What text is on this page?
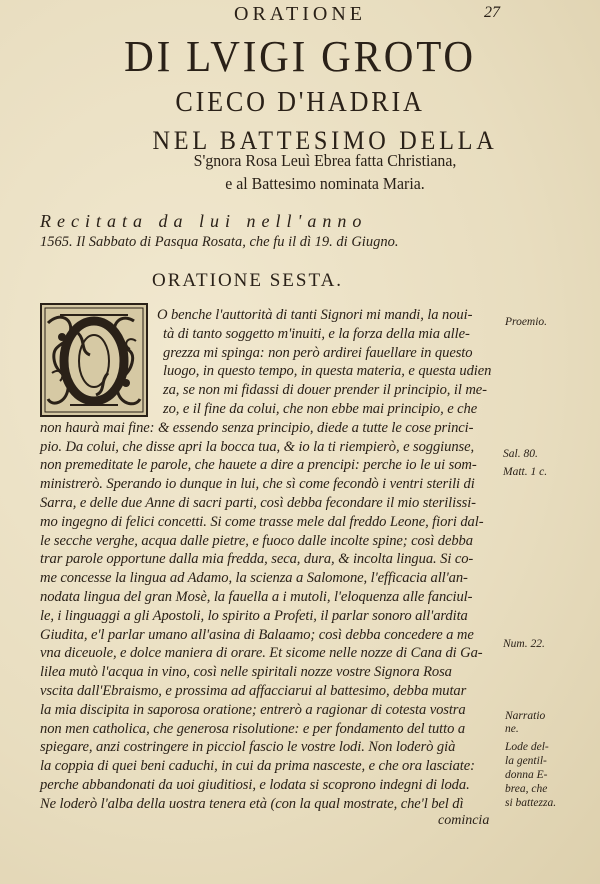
ORATIONE	27
DI LVIGI GROTO
CIECO D'HADRIA
NEL BATTESIMO DELLA
S'gnora Rosa Leuì Ebrea fatta Christiana,
e al Battesimo nominata Maria.
Recitata da lui nell'anno
1565. Il Sabbato di Pasqua Rosata, che fu il dì 19. di Giugno.
ORATIONE SESTA.
O benche l'auttorità di tanti Signori mi mandi, la noui-
tà di tanto soggetto m'inuiti, e la forza della mia alle-
grezza mi spinga: non però ardirei fauellare in questo
luogo, in questo tempo, in questa materia, e questa udien
za, se non mi fidassi di douer prender il principio, il me-
zo, e il fine da colui, che non ebbe mai principio, e che
non haurà mai fine: & essendo senza principio, diede a tutte le cose princi-
pio. Da colui, che disse apri la bocca tua, & io la ti riempierò, e soggiunse,
non premeditate le parole, che hauete a dire a prencipi: perche io le ui som-
ministrerò. Sperando io dunque in lui, che sì come fecondò i ventri sterili di
Sarra, e delle due Anne di sacri parti, così debba fecondare il mio sterilissi-
mo ingegno di felici concetti. Si come trasse mele dal freddo Leone, fiori dal-
le secche verghe, acqua dalle pietre, e fuoco dalle incolte spine; così debba
trar parole opportune dalla mia fredda, seca, dura, & incolta lingua. Si co-
me concesse la lingua ad Adamo, la scienza a Salomone, l'efficacia all'an-
nodata lingua del gran Mosè, la fauella a i mutoli, l'eloquenza alle fanciul-
le, i linguaggi a gli Apostoli, lo spirito a Profeti, il parlar sonoro all'ardita
Giudita, e'l parlar umano all'asina di Balaamo; così debba concedere a me
vna diceuole, e dolce maniera di orare. Et sicome nelle nozze di Cana di Ga-
lilea mutò l'acqua in vino, così nelle spiritali nozze vostre Signora Rosa
vscita dall'Ebraismo, e prossima ad affacciarui al battesimo, debba mutar
la mia discipita in saporosa oratione; entrerò a ragionar di cotesta vostra
non men catholica, che generosa risolutione: e per fondamento del tutto a
spiegare, anzi costringere in picciol fascio le vostre lodi. Non loderò già
la coppia di quei beni caduchi, in cui da prima nasceste, e che ora lasciate:
perche abbandonati da uoi giuditiosi, e lodata si scoprono indegni di loda.
Ne loderò l'alba della uostra tenera età (con la qual mostrate, che'l bel dì
Proemio.
Sal. 80.
Matt. 1 c.
Num. 22.
Narratio
ne.
Lode del-
la gentil-
donna E-
brea, che
si battezza.
comincia
